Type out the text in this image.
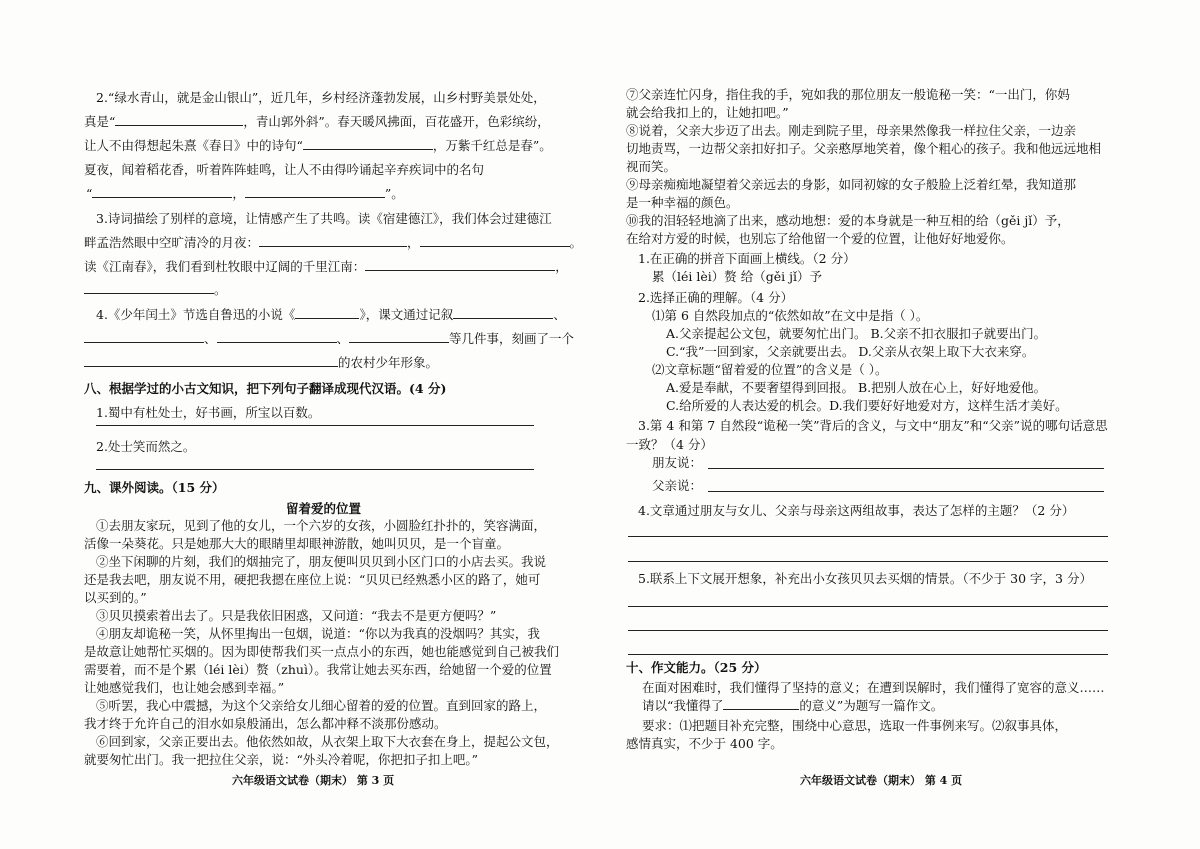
2.“绿水青山，就是金山银山”，近几年，乡村经济蓬勃发展，山乡村野美景处处，
真是“	，青山郭外斜”。春天暖风拂面，百花盛开，色彩缤纷，
让人不由得想起朱熹《春日》中的诗句“	，万紫千红总是春”。
夏夜，闻着稻花香，听着阵阵蛙鸣，让人不由得吟诵起辛弃疾词中的名句
“	，	”。
3.诗词描绘了别样的意境，让情感产生了共鸣。读《宿建德江》，我们体会过建德江
畔孟浩然眼中空旷清冷的月夜：	，	。
读《江南春》，我们看到杜牧眼中辽阔的千里江南：	，
。
4.《少年闰土》节选自鲁迅的小说《	》，课文通过记叙	、
、	、	等几件事，刻画了一个
的农村少年形象。
八、根据学过的小古文知识，把下列句子翻译成现代汉语。(4 分)
1.蜀中有杜处士，好书画，所宝以百数。
2.处士笑而然之。
九、课外阅读。（15 分）
留着爱的位置
①去朋友家玩，见到了他的女儿，一个六岁的女孩，小圆脸红扑扑的，笑容满面，
活像一朵葵花。只是她那大大的眼睛里却眼神游散，她叫贝贝，是一个盲童。
②坐下闲聊的片刻，我们的烟抽完了，朋友便叫贝贝到小区门口的小店去买。我说
还是我去吧，朋友说不用，硬把我摁在座位上说：“贝贝已经熟悉小区的路了，她可
以买到的。”
③贝贝摸索着出去了。只是我依旧困惑，又问道：“我去不是更方便吗？”
④朋友却诡秘一笑，从怀里掏出一包烟，说道：“你以为我真的没烟吗？其实，我
是故意让她帮忙买烟的。因为即使帮我们买一点点小的东西，她也能感觉到自己被我们
需要着，而不是个累（léi lèi）赘（zhuì）。我常让她去买东西，给她留一个爱的位置
让她感觉我们，也让她会感到幸福。”
⑤听罢，我心中震撼，为这个父亲给女儿细心留着的爱的位置。直到回家的路上，
我才终于允许自己的泪水如泉般涌出，怎么都冲释不淡那份感动。
⑥回到家，父亲正要出去。他依然如故，从衣架上取下大衣套在身上，提起公文包，
就要匆忙出门。我一把拉住父亲，说：“外头冷着呢，你把扣子扣上吧。”
六年级语文试卷（期末） 第 3 页
⑦父亲连忙闪身，指住我的手，宛如我的那位朋友一般诡秘一笑：“一出门，你妈
就会给我扣上的，让她扣吧。”
⑧说着，父亲大步迈了出去。刚走到院子里，母亲果然像我一样拉住父亲，一边亲
切地责骂，一边帮父亲扣好扣子。父亲憨厚地笑着，像个粗心的孩子。我和他远远地相
视而笑。
⑨母亲痴痴地凝望着父亲远去的身影，如同初嫁的女子般脸上泛着红晕，我知道那
是一种幸福的颜色。
⑩我的泪轻轻地滴了出来，感动地想：爱的本身就是一种互相的给（gěi jǐ）予，
在给对方爱的时候，也别忘了给他留一个爱的位置，让他好好地爱你。
1.在正确的拼音下面画上横线。（2 分）
累（léi lèi）赘 给（gěi jǐ）予
2.选择正确的理解。（4 分）
⑴第 6 自然段加点的“依然如故”在文中是指（ ）。
A.父亲提起公文包，就要匆忙出门。 B.父亲不扣衣服扣子就要出门。
C.“我”一回到家，父亲就要出去。 D.父亲从衣架上取下大衣来穿。
⑵文章标题“留着爱的位置”的含义是（ ）。
A.爱是奉献，不要奢望得到回报。 B.把别人放在心上，好好地爱他。
C.给所爱的人表达爱的机会。D.我们要好好地爱对方，这样生活才美好。
3.第 4 和第 7 自然段“诡秘一笑”背后的含义，与文中“朋友”和“父亲”说的哪句话意思
一致？（4 分）
朋友说：
父亲说：
4.文章通过朋友与女儿、父亲与母亲这两组故事，表达了怎样的主题？（2 分）
5.联系上下文展开想象，补充出小女孩贝贝去买烟的情景。（不少于 30 字，3 分）
十、作文能力。（25 分）
在面对困难时，我们懂得了坚持的意义；在遭到误解时，我们懂得了宽容的意义……
请以“我懂得了	的意义”为题写一篇作文。
要求：⑴把题目补充完整，围绕中心意思，选取一件事例来写。⑵叙事具体，
感情真实，不少于 400 字。
六年级语文试卷（期末） 第 4 页
